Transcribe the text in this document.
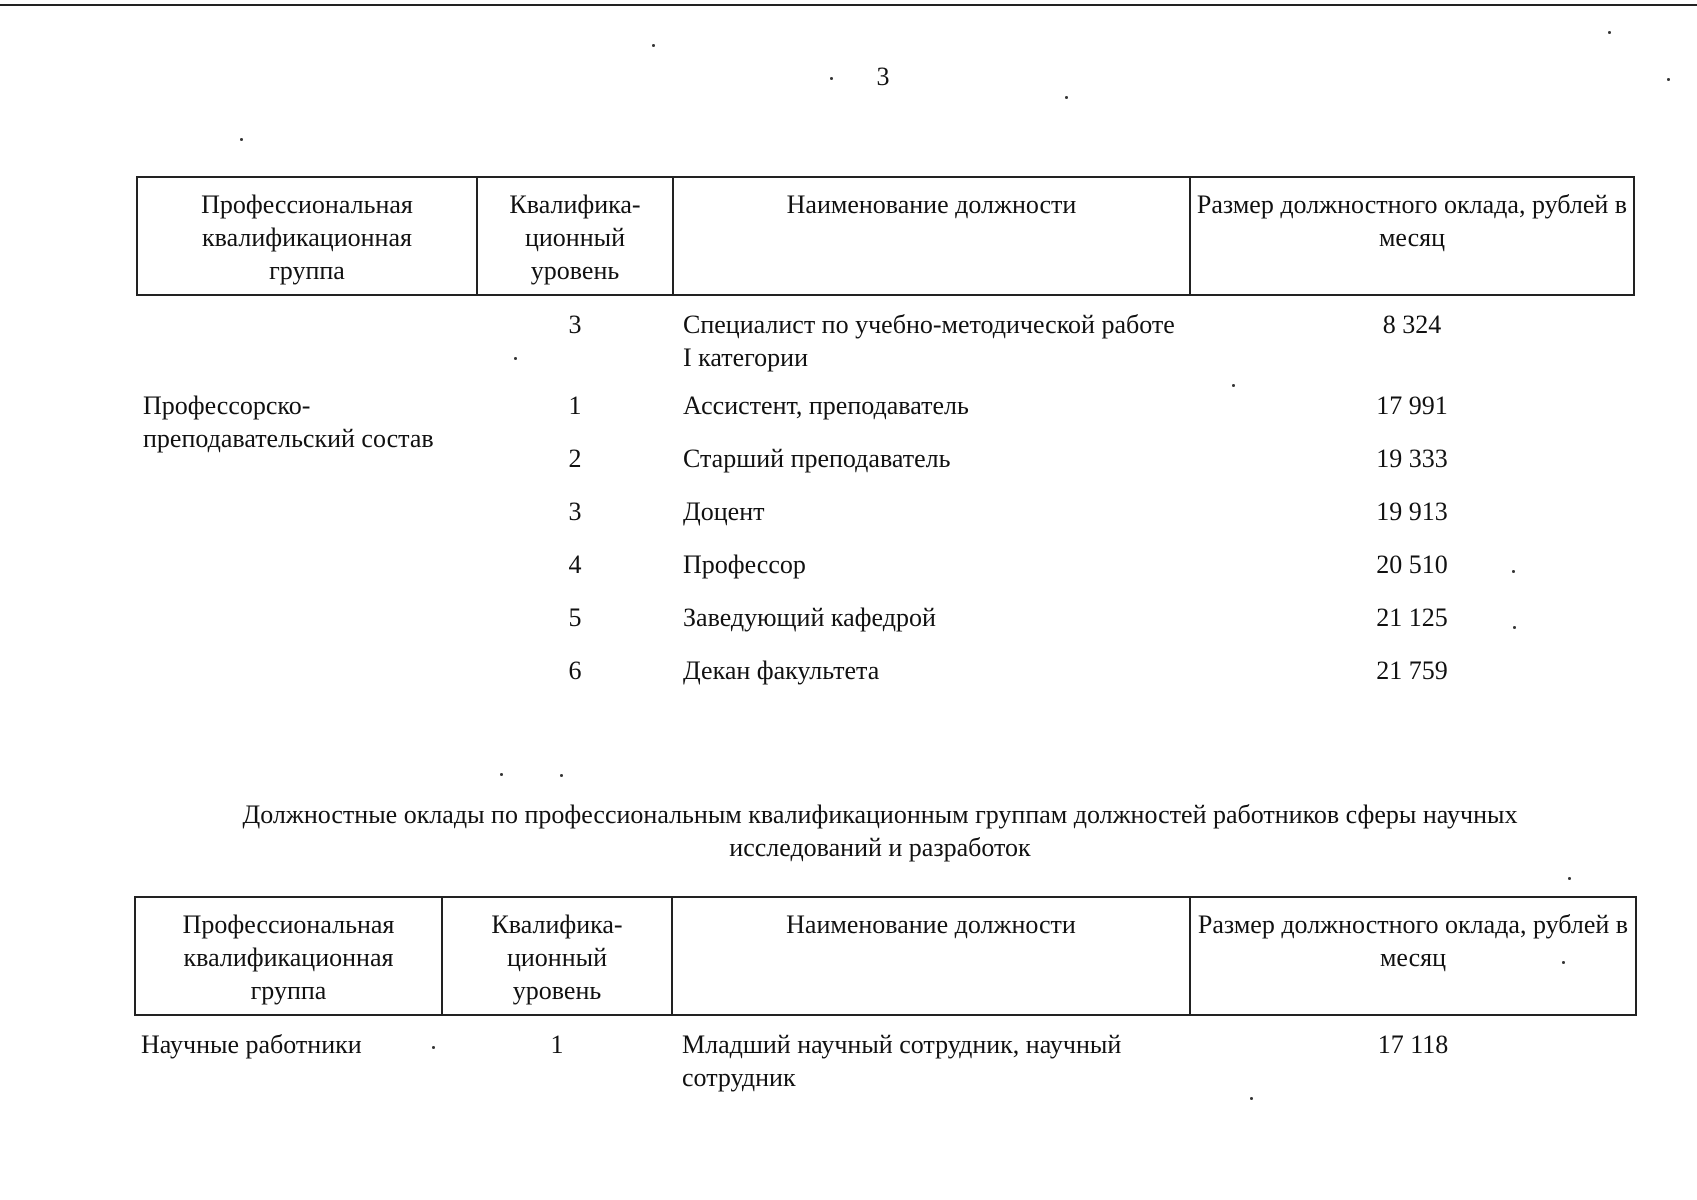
3
Профессиональная квалификационная группа	Квалифика-ционный уровень	Наименование должности	Размер должностного оклада, рублей в месяц
	3	Специалист по учебно-методической работе I категории	8 324
Профессорско-преподавательский состав	1	Ассистент, преподаватель	17 991
	2	Старший преподаватель	19 333
	3	Доцент	19 913
	4	Профессор	20 510
	5	Заведующий кафедрой	21 125
	6	Декан факультета	21 759
Должностные оклады по профессиональным квалификационным группам должностей работников сферы научных исследований и разработок
Профессиональная квалификационная группа	Квалифика-ционный уровень	Наименование должности	Размер должностного оклада, рублей в месяц
Научные работники	1	Младший научный сотрудник, научный сотрудник	17 118
